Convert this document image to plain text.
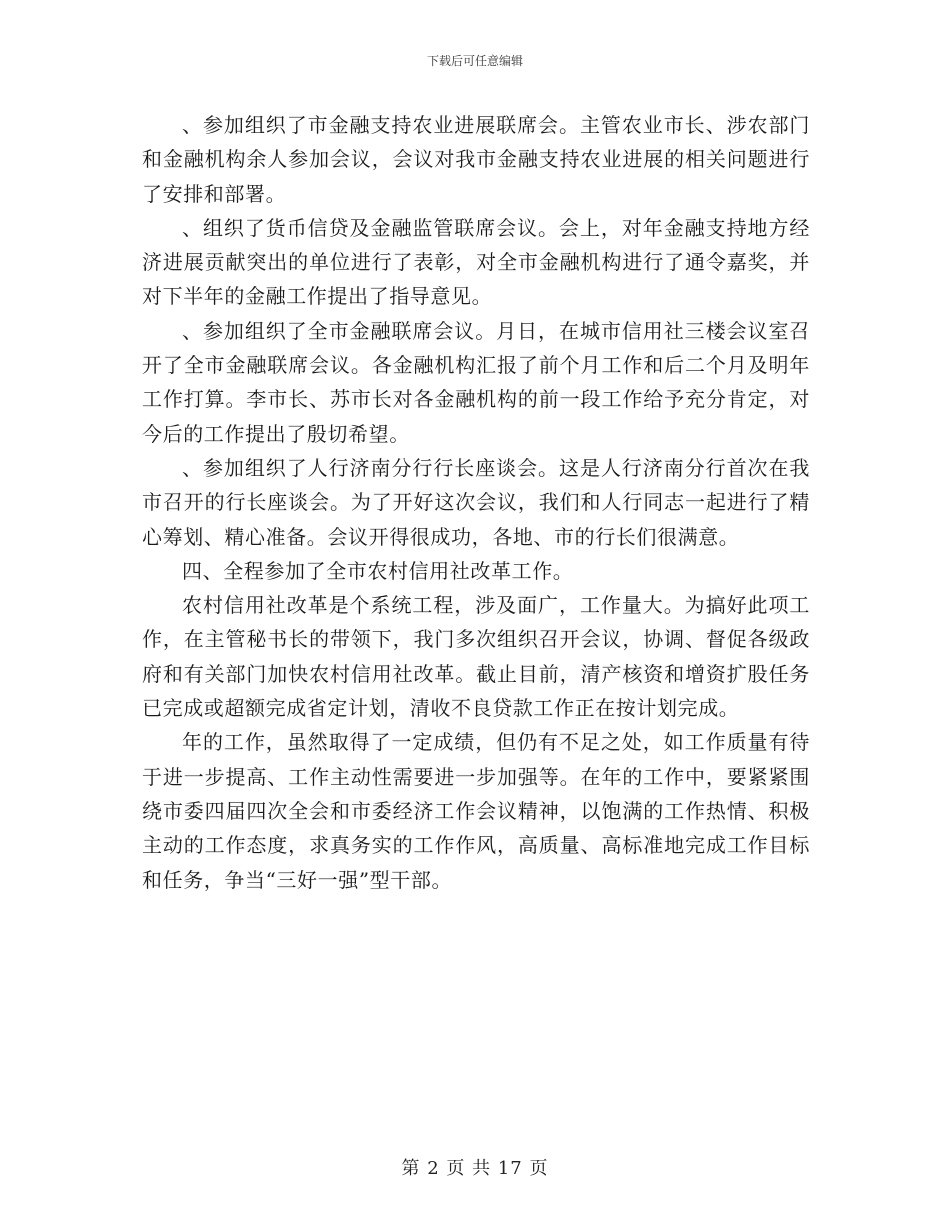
下载后可任意编辑

、参加组织了市金融支持农业进展联席会。主管农业市长、涉农部门和金融机构余人参加会议，会议对我市金融支持农业进展的相关问题进行了安排和部署。

、组织了货币信贷及金融监管联席会议。会上，对年金融支持地方经济进展贡献突出的单位进行了表彰，对全市金融机构进行了通令嘉奖，并对下半年的金融工作提出了指导意见。

、参加组织了全市金融联席会议。月日，在城市信用社三楼会议室召开了全市金融联席会议。各金融机构汇报了前个月工作和后二个月及明年工作打算。李市长、苏市长对各金融机构的前一段工作给予充分肯定，对今后的工作提出了殷切希望。

、参加组织了人行济南分行行长座谈会。这是人行济南分行首次在我市召开的行长座谈会。为了开好这次会议，我们和人行同志一起进行了精心筹划、精心准备。会议开得很成功，各地、市的行长们很满意。

四、全程参加了全市农村信用社改革工作。

农村信用社改革是个系统工程，涉及面广，工作量大。为搞好此项工作，在主管秘书长的带领下，我门多次组织召开会议，协调、督促各级政府和有关部门加快农村信用社改革。截止目前，清产核资和增资扩股任务已完成或超额完成省定计划，清收不良贷款工作正在按计划完成。

年的工作，虽然取得了一定成绩，但仍有不足之处，如工作质量有待于进一步提高、工作主动性需要进一步加强等。在年的工作中，要紧紧围绕市委四届四次全会和市委经济工作会议精神，以饱满的工作热情、积极主动的工作态度，求真务实的工作作风，高质量、高标准地完成工作目标和任务，争当“三好一强”型干部。

第 2 页 共 17 页
